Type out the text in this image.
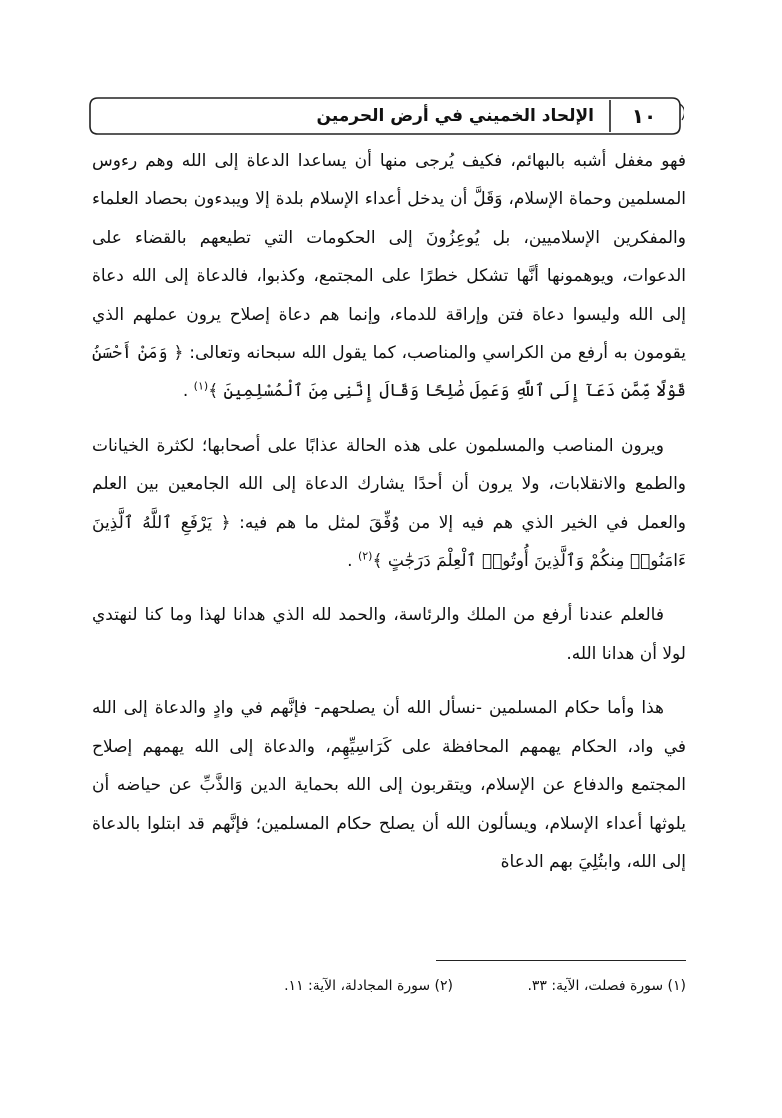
الإلحاد الخميني في أرض الحرمين	١٠

فهو مغفل أشبه بالبهائم، فكيف يُرجى منها أن يساعدا الدعاة إلى الله وهم رءوس المسلمين وحماة الإسلام، وَقَلَّ أن يدخل أعداء الإسلام بلدة إلا ويبدءون بحصاد العلماء والمفكرين الإسلاميين، بل يُوعِزُونَ إلى الحكومات التي تطيعهم بالقضاء على الدعوات، ويوهمونها أنَّها تشكل خطرًا على المجتمع، وكذبوا، فالدعاة إلى الله دعاة إلى الله وليسوا دعاة فتن وإراقة للدماء، وإنما هم دعاة إصلاح يرون عملهم الذي يقومون به أرفع من الكراسي والمناصب، كما يقول الله سبحانه وتعالى: ﴿ وَمَنْ أَحْسَنُ قَوْلًا مِّمَّن دَعَآ إِلَى ٱللَّهِ وَعَمِلَ صَٰلِحًا وَقَالَ إِنَّنِى مِنَ ٱلْمُسْلِمِينَ ﴾$^{(١)}$ .

ويرون المناصب والمسلمون على هذه الحالة عذابًا على أصحابها؛ لكثرة الخيانات والطمع والانقلابات، ولا يرون أن أحدًا يشارك الدعاة إلى الله الجامعين بين العلم والعمل في الخير الذي هم فيه إلا من وُفِّقَ لمثل ما هم فيه: ﴿ يَرْفَعِ ٱللَّهُ ٱلَّذِينَ ءَامَنُوا۟ مِنكُمْ وَٱلَّذِينَ أُوتُوا۟ ٱلْعِلْمَ دَرَجَٰتٍ ﴾$^{(٢)}$ .

فالعلم عندنا أرفع من الملك والرئاسة، والحمد لله الذي هدانا لهذا وما كنا لنهتدي لولا أن هدانا الله.

هذا وأما حكام المسلمين -نسأل الله أن يصلحهم- فإنَّهم في وادٍ والدعاة إلى الله في واد، الحكام يهمهم المحافظة على كَرَاسِيِّهِم، والدعاة إلى الله يهمهم إصلاح المجتمع والدفاع عن الإسلام، ويتقربون إلى الله بحماية الدين وَالذَّبِّ عن حياضه أن يلوثها أعداء الإسلام، ويسألون الله أن يصلح حكام المسلمين؛ فإنَّهم قد ابتلوا بالدعاة إلى الله، وابتُلِيَ بهم الدعاة

(١) سورة فصلت، الآية: ٣٣. (٢) سورة المجادلة، الآية: ١١.
